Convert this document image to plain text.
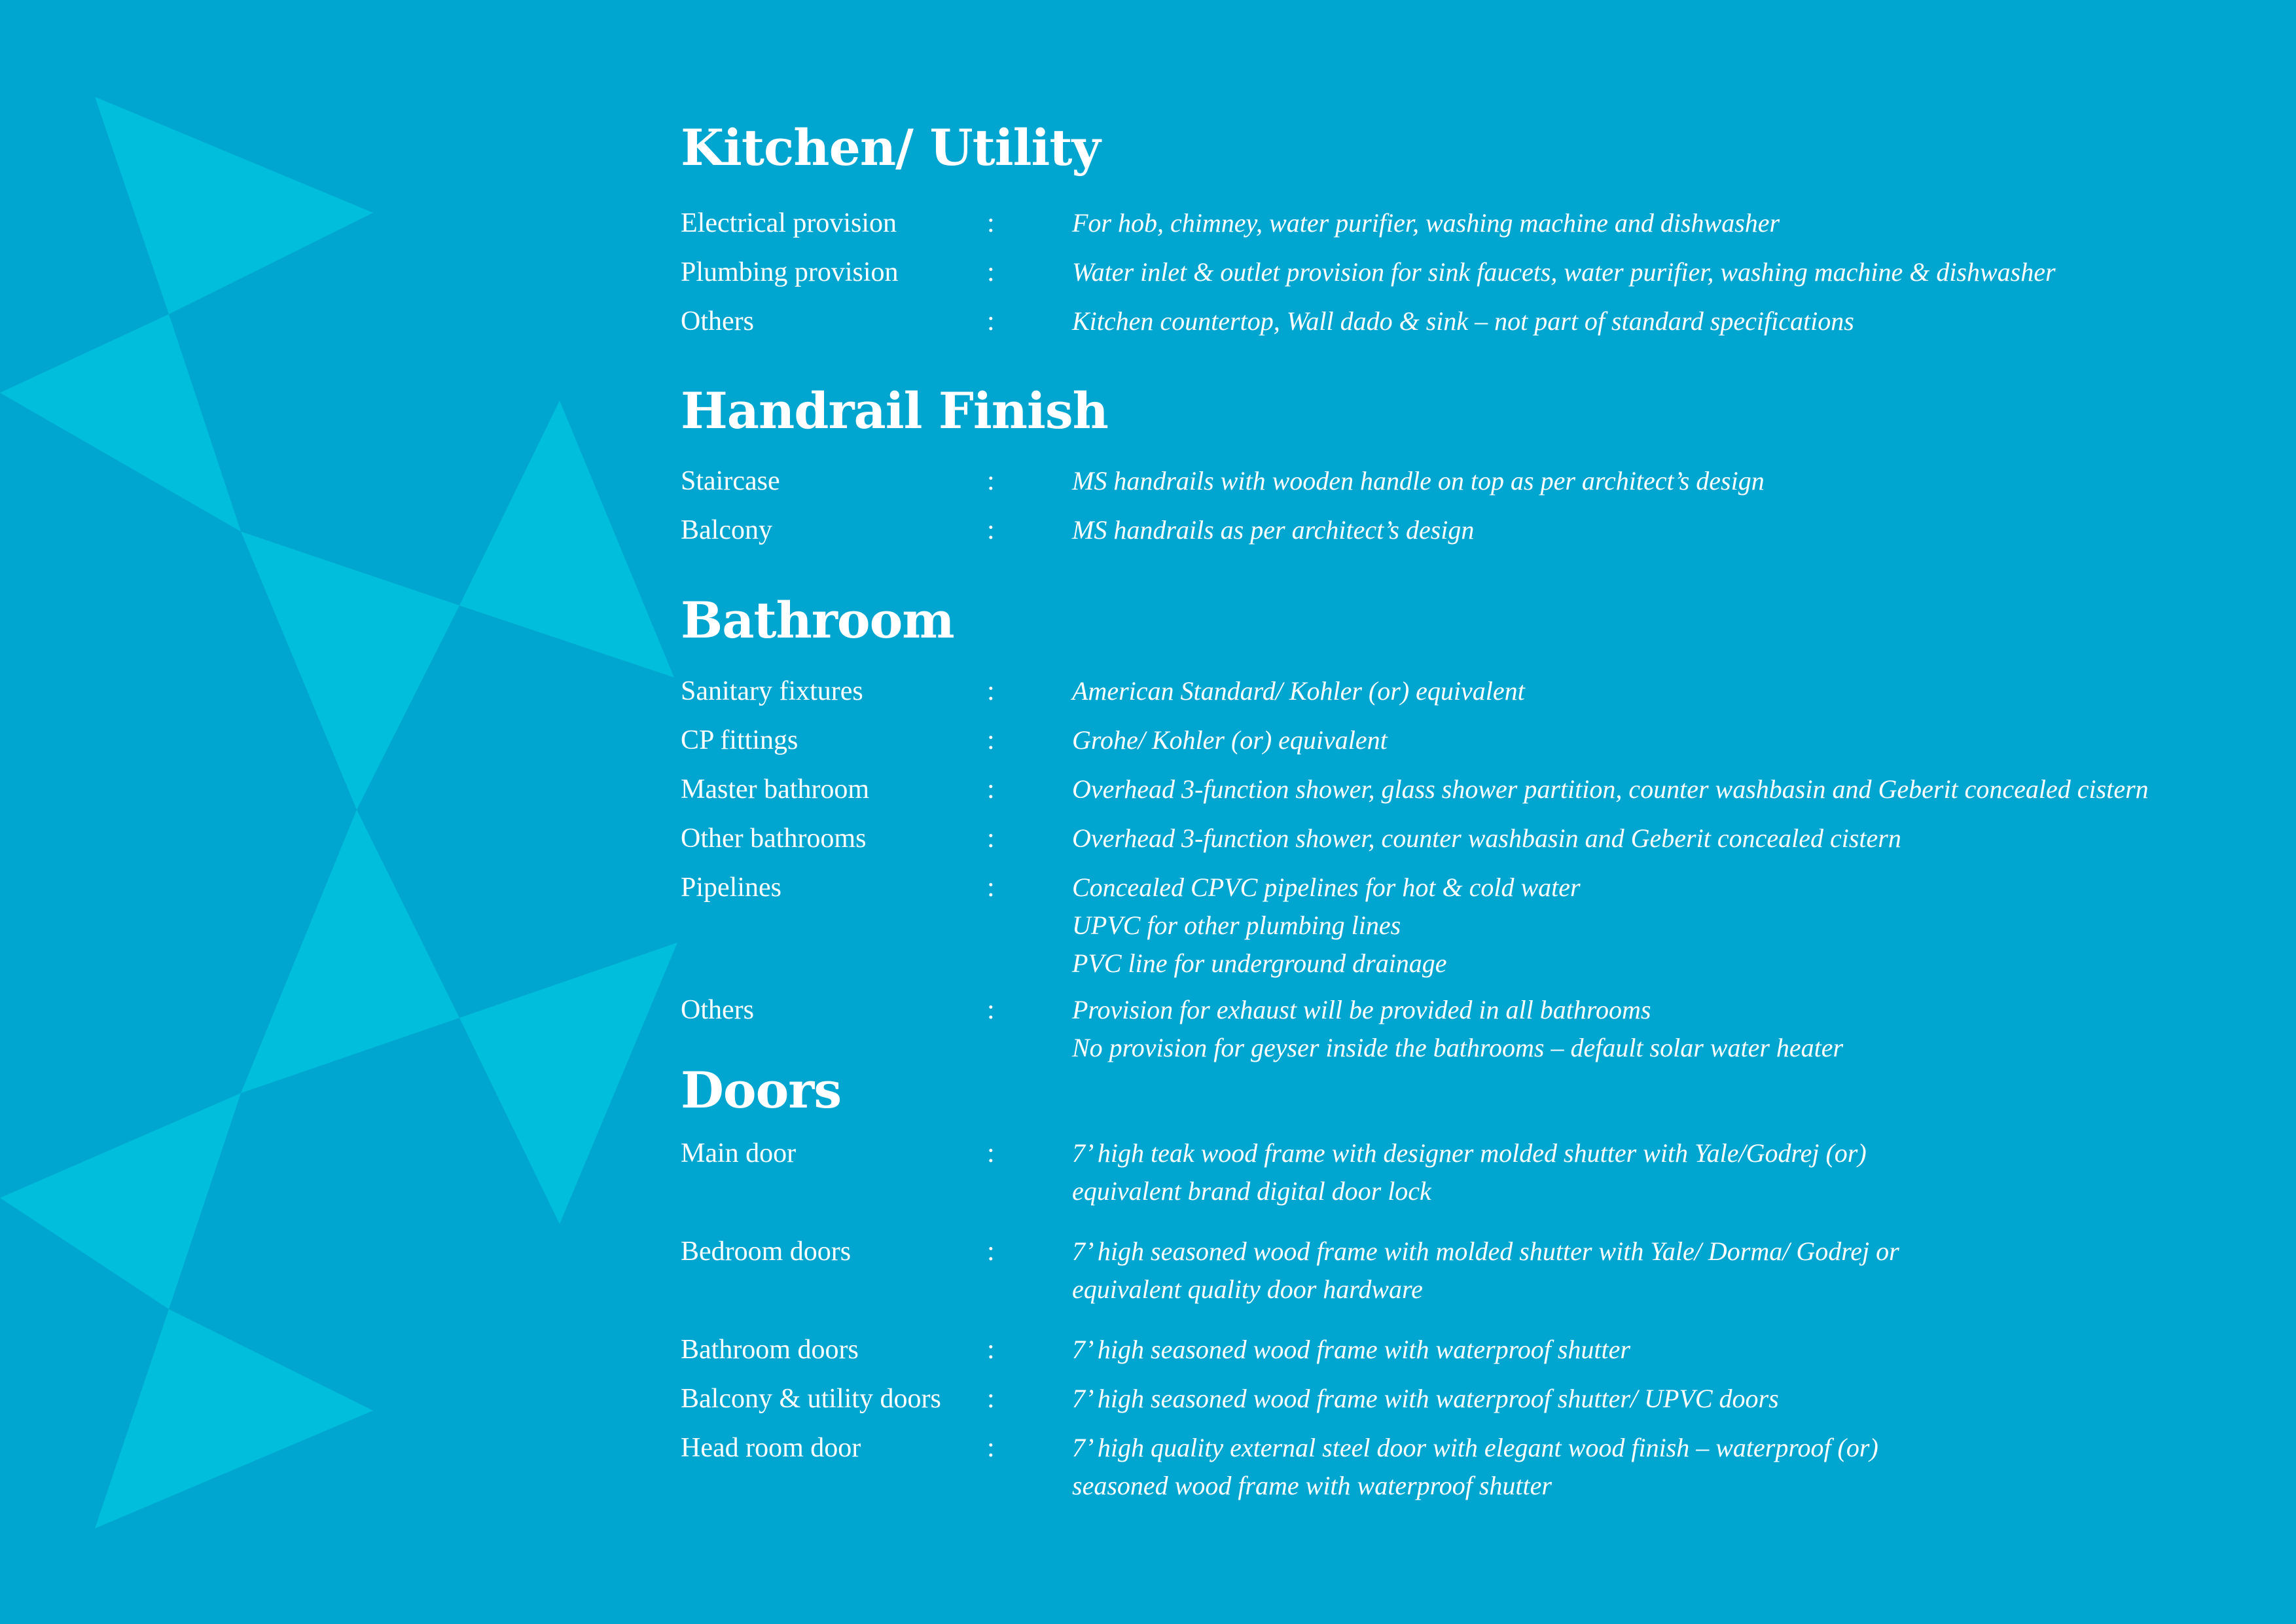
Kitchen/ Utility
Electrical provision	:	For hob, chimney, water purifier, washing machine and dishwasher
Plumbing provision	:	Water inlet & outlet provision for sink faucets, water purifier, washing machine & dishwasher
Others	:	Kitchen countertop, Wall dado & sink – not part of standard specifications
Handrail Finish
Staircase	:	MS handrails with wooden handle on top as per architect’s design
Balcony	:	MS handrails as per architect’s design
Bathroom
Sanitary fixtures	:	American Standard/ Kohler (or) equivalent
CP fittings	:	Grohe/ Kohler (or) equivalent
Master bathroom	:	Overhead 3-function shower, glass shower partition, counter washbasin and Geberit concealed cistern
Other bathrooms	:	Overhead 3-function shower, counter washbasin and Geberit concealed cistern
Pipelines	:	Concealed CPVC pipelines for hot & cold water
UPVC for other plumbing lines
PVC line for underground drainage
Others	:	Provision for exhaust will be provided in all bathrooms
No provision for geyser inside the bathrooms – default solar water heater
Doors
Main door	:	7’ high teak wood frame with designer molded shutter with Yale/Godrej (or)
equivalent brand digital door lock
Bedroom doors	:	7’ high seasoned wood frame with molded shutter with Yale/ Dorma/ Godrej or
equivalent quality door hardware
Bathroom doors	:	7’ high seasoned wood frame with waterproof shutter
Balcony & utility doors :	7’ high seasoned wood frame with waterproof shutter/ UPVC doors
Head room door	:	7’ high quality external steel door with elegant wood finish – waterproof (or)
seasoned wood frame with waterproof shutter
